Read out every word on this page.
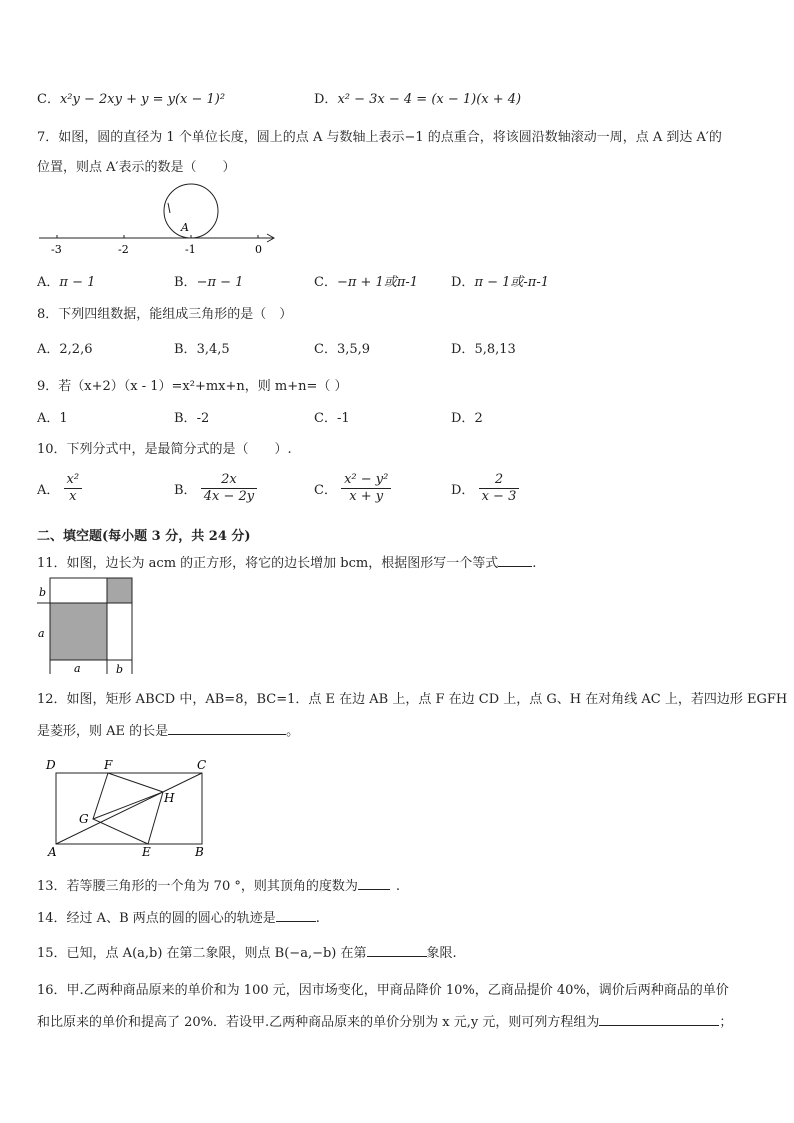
C．x²y − 2xy + y = y(x − 1)²	D．x² − 3x − 4 = (x − 1)(x + 4)
7．如图，圆的直径为 1 个单位长度，圆上的点 A 与数轴上表示−1 的点重合，将该圆沿数轴滚动一周，点 A 到达 A′的
位置，则点 A′表示的数是（　　）
A
-3	-2	-1	0
A．π − 1	B．−π − 1	C．−π + 1或π-1	D．π − 1或-π-1
8．下列四组数据，能组成三角形的是（　）
A．2,2,6	B．3,4,5	C．3,5,9	D．5,8,13
9．若（x+2）（x - 1）=x²+mx+n，则 m+n=（ ）
A．1	B．-2	C．-1	D．2
10．下列分式中，是最简分式的是（　　）.
A． $\frac{\text{x²}}{x}$	B． $\frac{2x}{4x - 2y}$	C． $\frac{\text{x² − y²}}{x + y}$	D． $\frac{2}{x - 3}$
二、填空题(每小题 3 分，共 24 分)
11．如图，边长为 acm 的正方形，将它的边长增加 bcm，根据图形写一个等式	.
b
a
a	b
12．如图，矩形 ABCD 中，AB=8，BC=1．点 E 在边 AB 上，点 F 在边 CD 上，点 G、H 在对角线 AC 上，若四边形 EGFH
是菱形，则 AE 的长是	。
D	F	C
H
G
A	E	B
13．若等腰三角形的一个角为 70 °，则其顶角的度数为	.
14．经过 A、B 两点的圆的圆心的轨迹是	.
15．已知，点 A(a,b) 在第二象限，则点 B(−a,−b) 在第	象限.
16．甲.乙两种商品原来的单价和为 100 元，因市场变化，甲商品降价 10%，乙商品提价 40%，调价后两种商品的单价
和比原来的单价和提高了 20%．若设甲.乙两种商品原来的单价分别为 x 元,y 元，则可列方程组为	；
